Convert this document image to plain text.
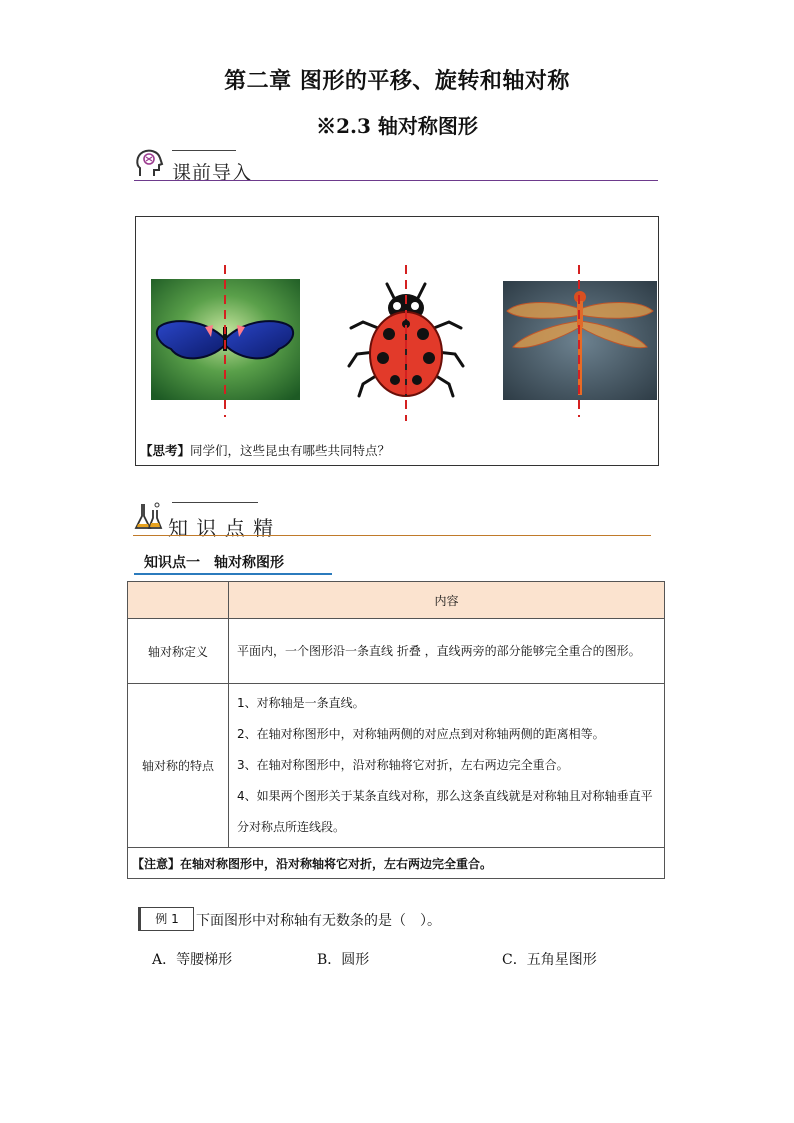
第二章 图形的平移、旋转和轴对称
※2.3 轴对称图形
课前导入
【思考】同学们，这些昆虫有哪些共同特点？
知 识 点 精
知识点一　轴对称图形
	内容
轴对称定义	平面内，一个图形沿一条直线 折叠 ，直线两旁的部分能够完全重合的图形。

轴对称的特点	1、对称轴是一条直线。
2、在轴对称图形中，对称轴两侧的对应点到对称轴两侧的距离相等。
3、在轴对称图形中，沿对称轴将它对折，左右两边完全重合。
4、如果两个图形关于某条直线对称，那么这条直线就是对称轴且对称轴垂直平分对称点所连线段。

【注意】在轴对称图形中，沿对称轴将它对折，左右两边完全重合。	
例 1	下面图形中对称轴有无数条的是（　）。
A．等腰梯形	B．圆形	C．五角星图形
